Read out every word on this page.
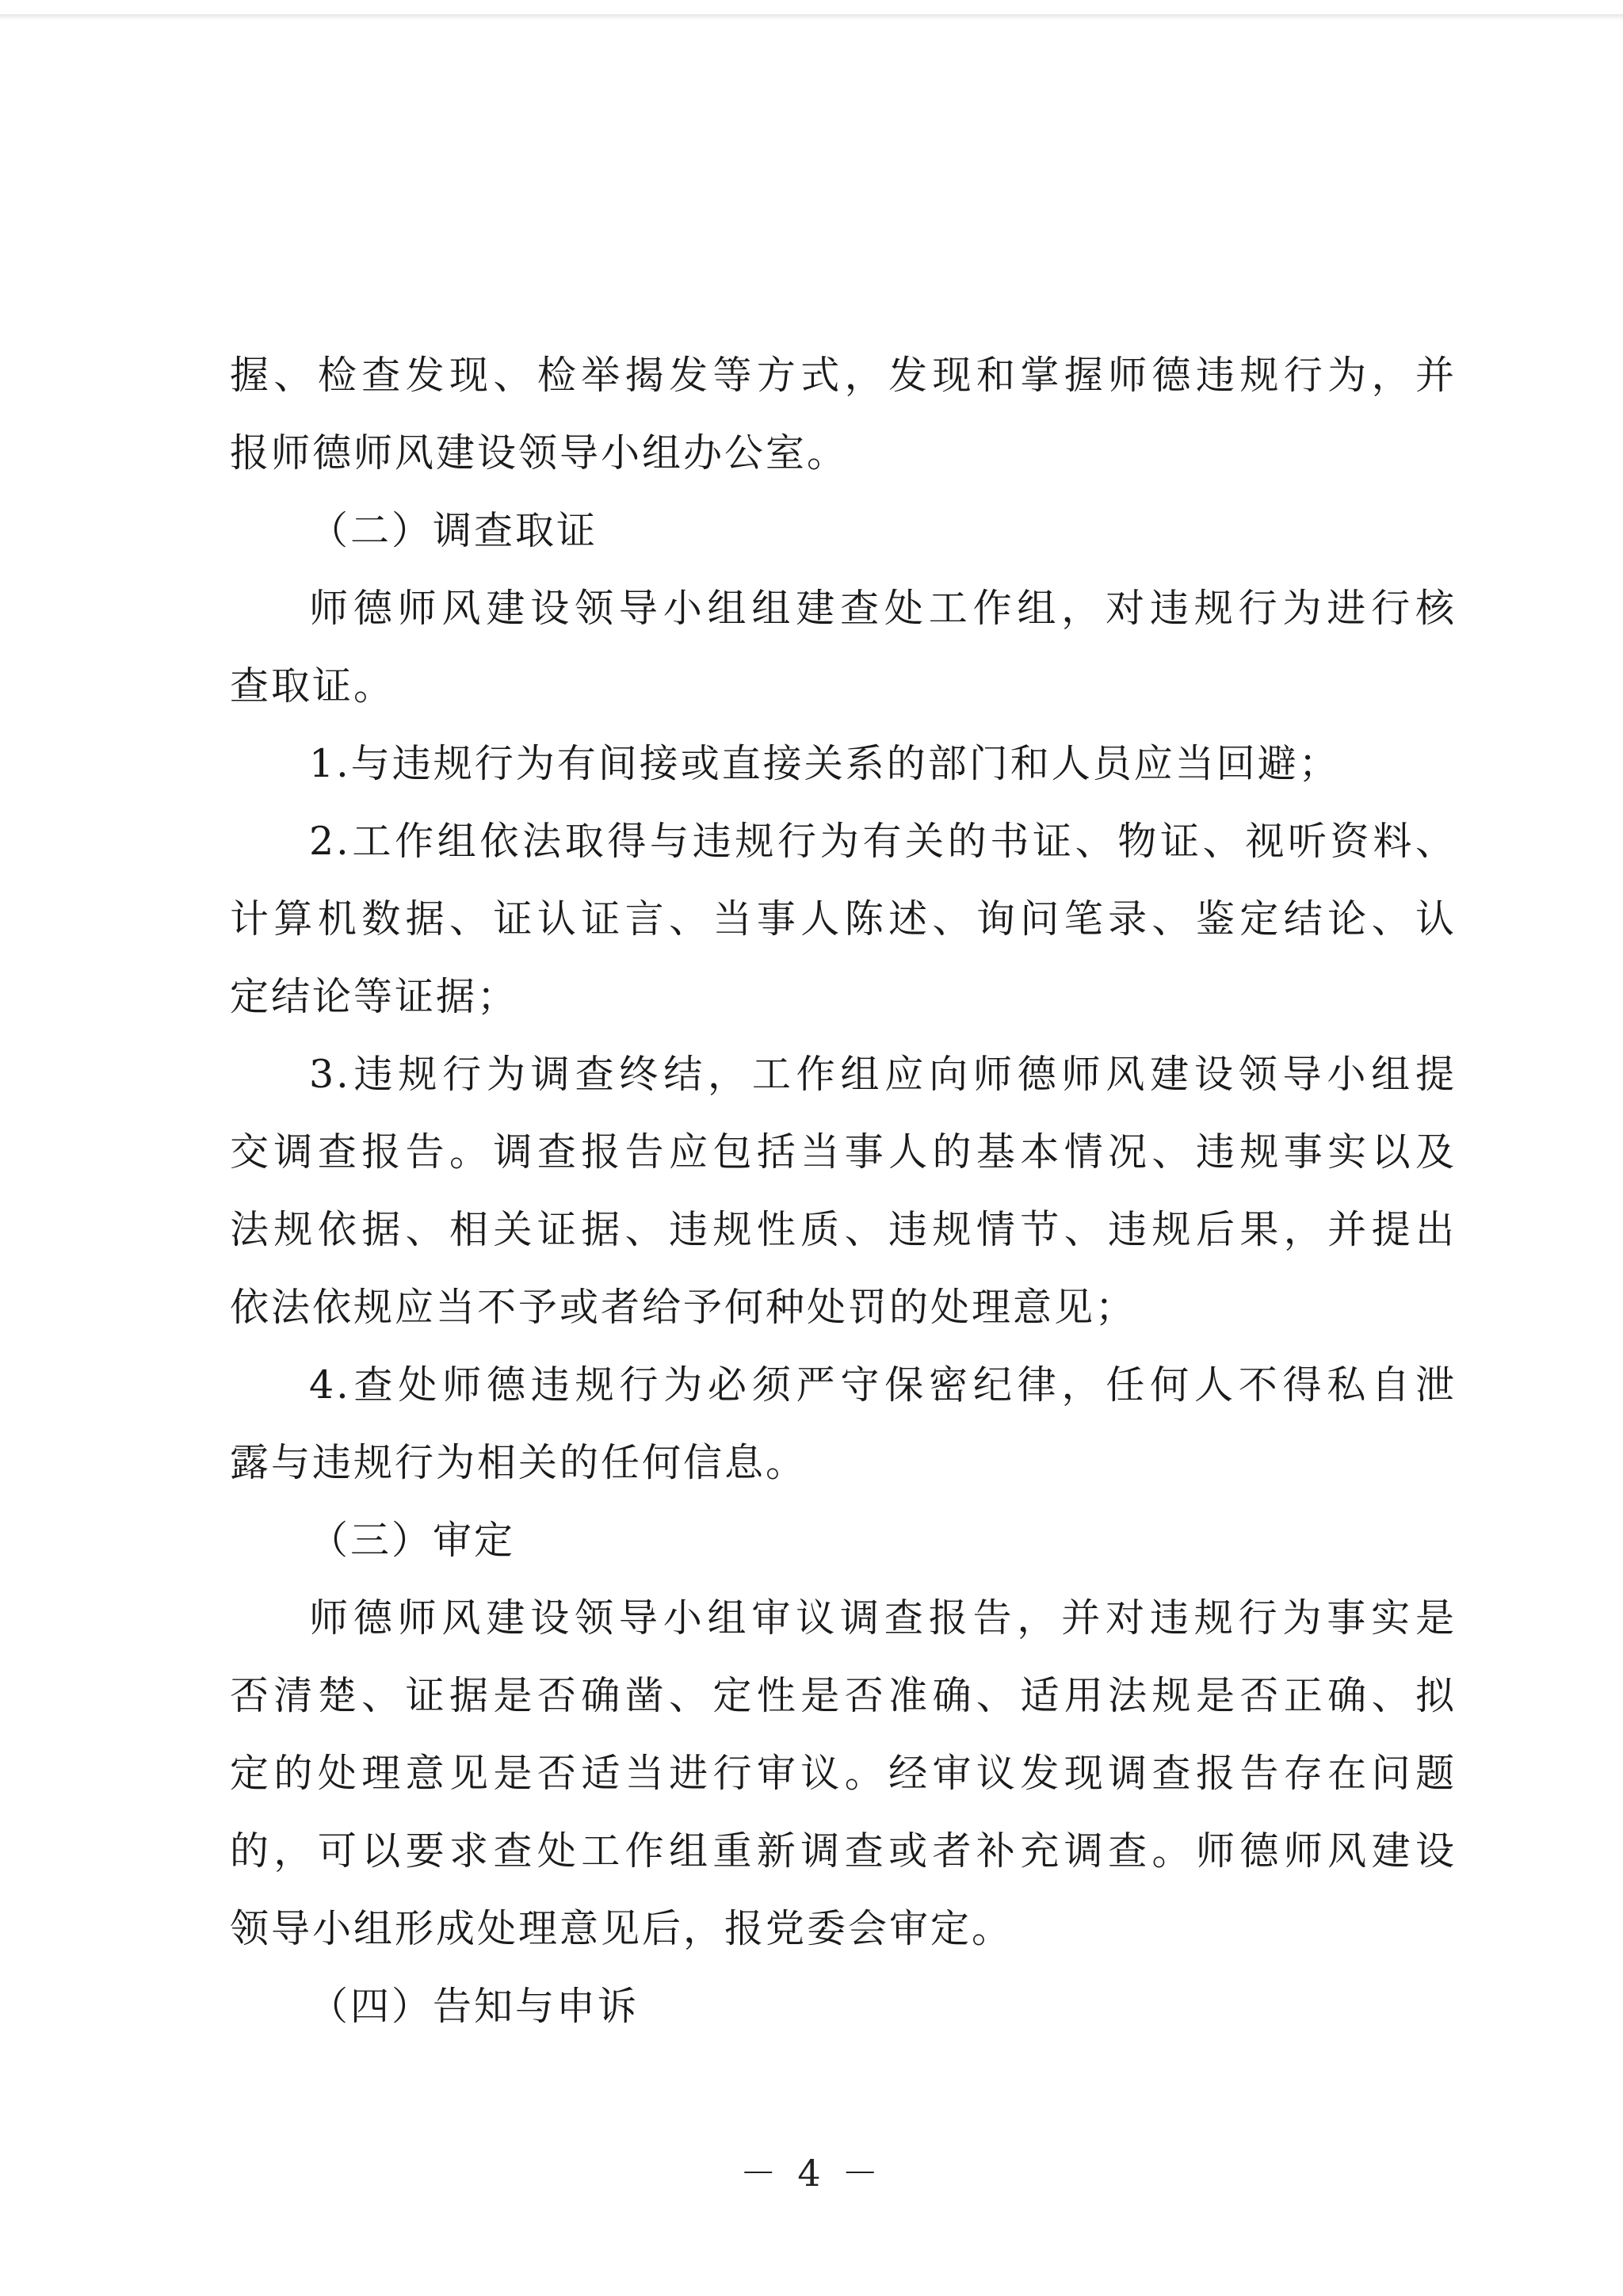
握、检查发现、检举揭发等方式，发现和掌握师德违规行为，并
报师德师风建设领导小组办公室。
（二）调查取证
师德师风建设领导小组组建查处工作组，对违规行为进行核
查取证。
1.与违规行为有间接或直接关系的部门和人员应当回避；
2.工作组依法取得与违规行为有关的书证、物证、视听资料、
计算机数据、证认证言、当事人陈述、询问笔录、鉴定结论、认
定结论等证据；
3.违规行为调查终结，工作组应向师德师风建设领导小组提
交调查报告。调查报告应包括当事人的基本情况、违规事实以及
法规依据、相关证据、违规性质、违规情节、违规后果，并提出
依法依规应当不予或者给予何种处罚的处理意见；
4.查处师德违规行为必须严守保密纪律，任何人不得私自泄
露与违规行为相关的任何信息。
（三）审定
师德师风建设领导小组审议调查报告，并对违规行为事实是
否清楚、证据是否确凿、定性是否准确、适用法规是否正确、拟
定的处理意见是否适当进行审议。经审议发现调查报告存在问题
的，可以要求查处工作组重新调查或者补充调查。师德师风建设
领导小组形成处理意见后，报党委会审定。
（四）告知与申诉
－ 4 －
